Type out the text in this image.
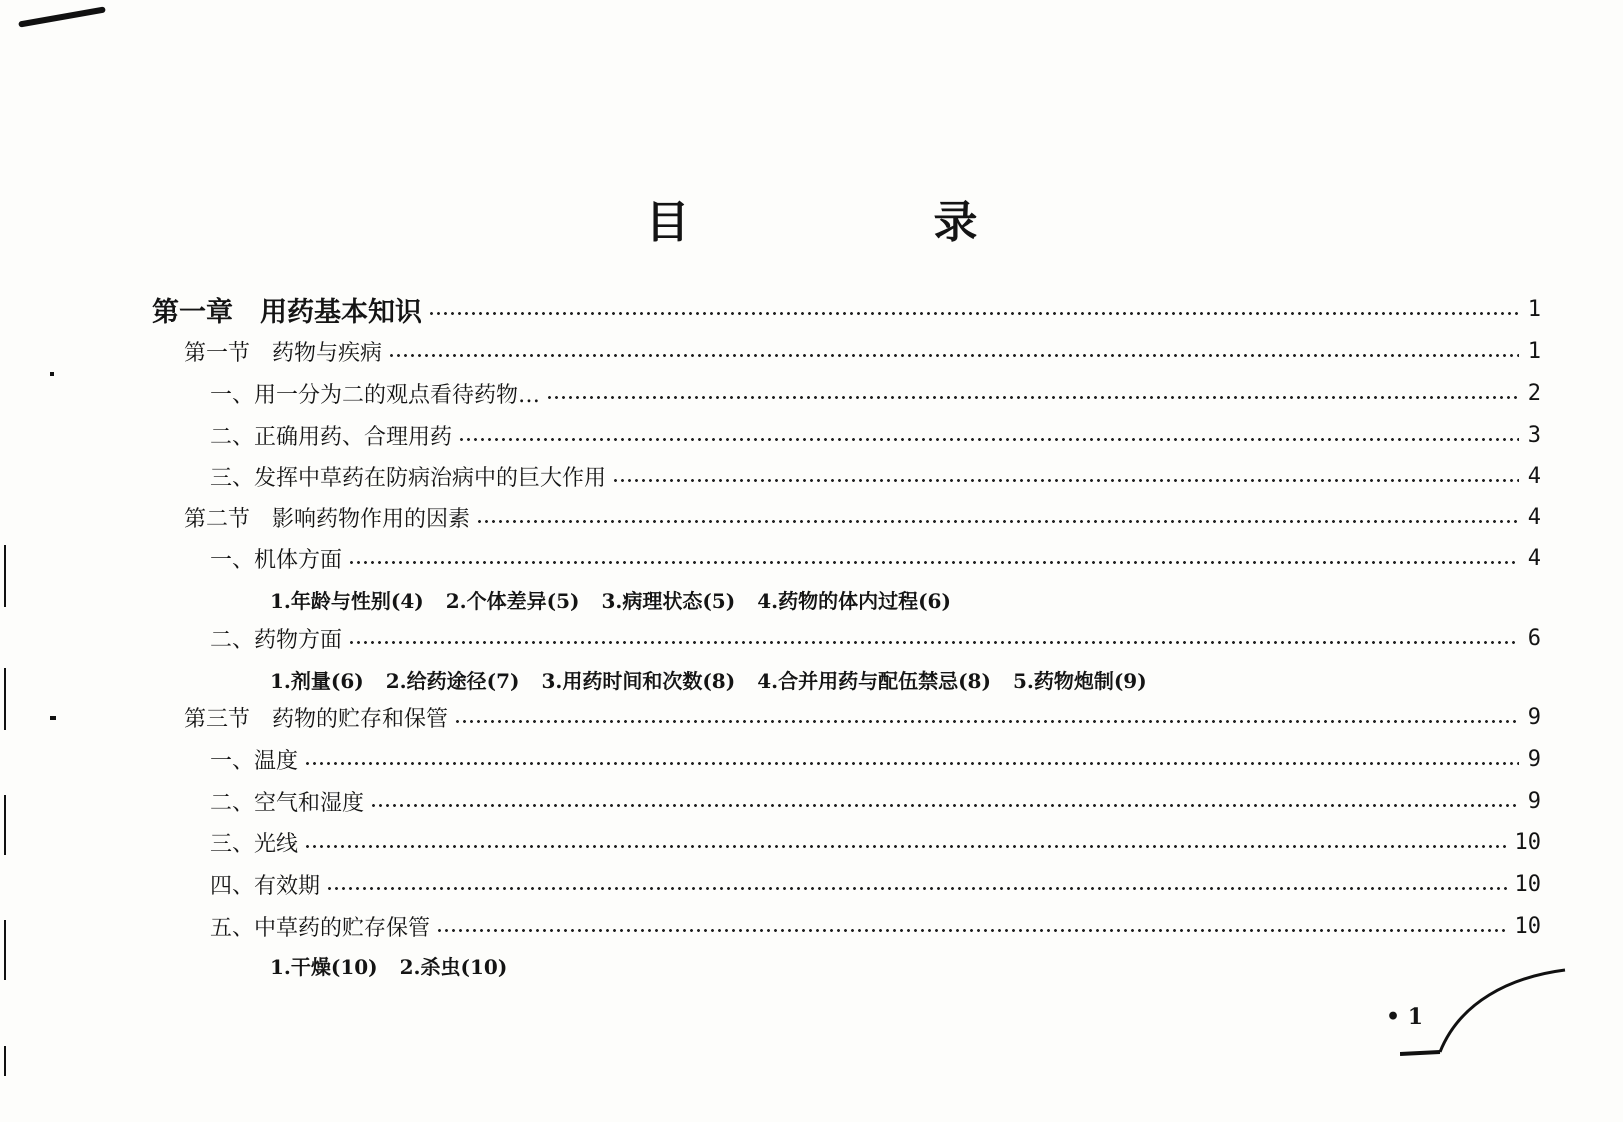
目　录
第一章　用药基本知识	1
第一节　药物与疾病	1
一、用一分为二的观点看待药物…	2
二、正确用药、合理用药	3
三、发挥中草药在防病治病中的巨大作用	4
第二节　影响药物作用的因素	4
一、机体方面	4
1.年龄与性别(4) 2.个体差异(5) 3.病理状态(5) 4.药物的体内过程(6)
二、药物方面	6
1.剂量(6) 2.给药途径(7) 3.用药时间和次数(8) 4.合并用药与配伍禁忌(8) 5.药物炮制(9)
第三节　药物的贮存和保管	9
一、温度	9
二、空气和湿度	9
三、光线	10
四、有效期	10
五、中草药的贮存保管	10
1.干燥(10) 2.杀虫(10)
• 1
